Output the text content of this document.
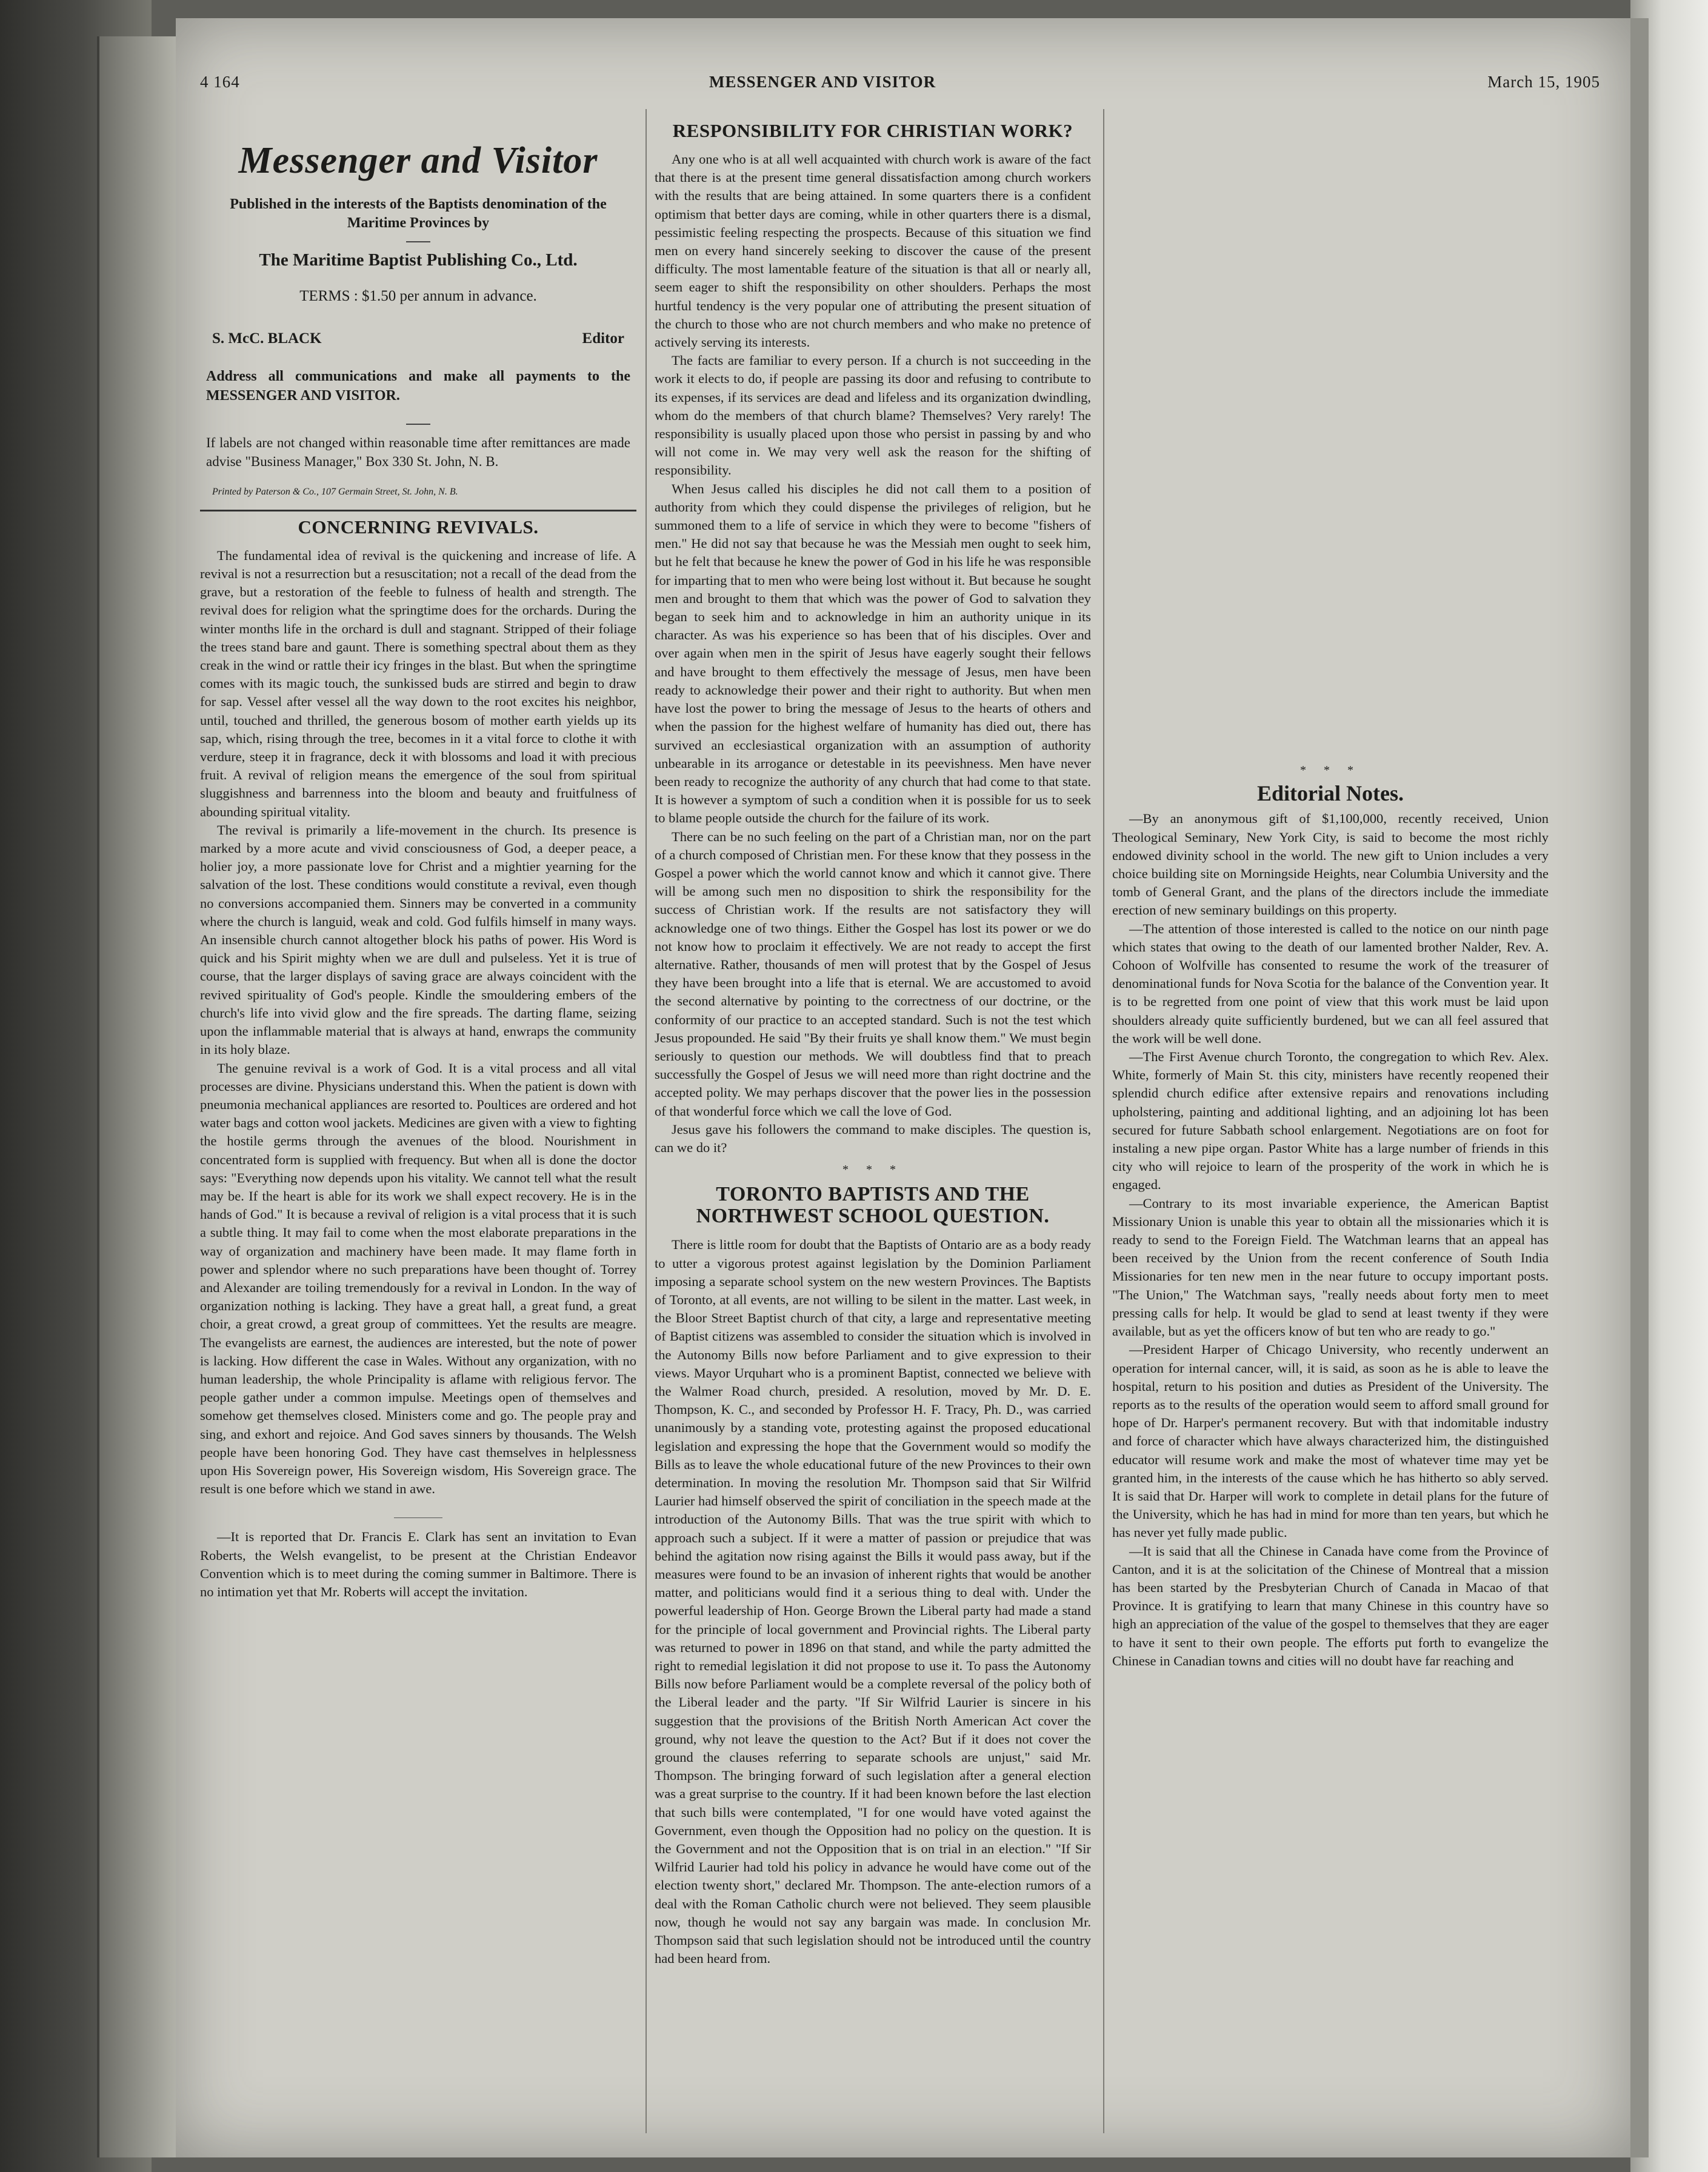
4 164	MESSENGER AND VISITOR	March 15, 1905
Messenger and Visitor
Published in the interests of the Baptists denomination of the Maritime Provinces by
The Maritime Baptist Publishing Co., Ltd.
TERMS : $1.50 per annum in advance.
S. McC. BLACK	Editor
Address all communications and make all payments to the MESSENGER AND VISITOR.
If labels are not changed within reasonable time after remittances are made advise "Business Manager," Box 330 St. John, N. B.
Printed by Paterson & Co., 107 Germain Street, St. John, N. B.
CONCERNING REVIVALS.

The fundamental idea of revival is the quickening and increase of life. A revival is not a resurrection but a resuscitation; not a recall of the dead from the grave, but a restoration of the feeble to fulness of health and strength. The revival does for religion what the springtime does for the orchards. During the winter months life in the orchard is dull and stagnant. Stripped of their foliage the trees stand bare and gaunt. There is something spectral about them as they creak in the wind or rattle their icy fringes in the blast. But when the springtime comes with its magic touch, the sunkissed buds are stirred and begin to draw for sap. Vessel after vessel all the way down to the root excites his neighbor, until, touched and thrilled, the generous bosom of mother earth yields up its sap, which, rising through the tree, becomes in it a vital force to clothe it with verdure, steep it in fragrance, deck it with blossoms and load it with precious fruit. A revival of religion means the emergence of the soul from spiritual sluggishness and barrenness into the bloom and beauty and fruitfulness of abounding spiritual vitality.

The revival is primarily a life-movement in the church. Its presence is marked by a more acute and vivid consciousness of God, a deeper peace, a holier joy, a more passionate love for Christ and a mightier yearning for the salvation of the lost. These conditions would constitute a revival, even though no conversions accompanied them. Sinners may be converted in a community where the church is languid, weak and cold. God fulfils himself in many ways. An insensible church cannot altogether block his paths of power. His Word is quick and his Spirit mighty when we are dull and pulseless. Yet it is true of course, that the larger displays of saving grace are always coincident with the revived spirituality of God's people. Kindle the smouldering embers of the church's life into vivid glow and the fire spreads. The darting flame, seizing upon the inflammable material that is always at hand, enwraps the community in its holy blaze.

The genuine revival is a work of God. It is a vital process and all vital processes are divine. Physicians understand this. When the patient is down with pneumonia mechanical appliances are resorted to. Poultices are ordered and hot water bags and cotton wool jackets. Medicines are given with a view to fighting the hostile germs through the avenues of the blood. Nourishment in concentrated form is supplied with frequency. But when all is done the doctor says: "Everything now depends upon his vitality. We cannot tell what the result may be. If the heart is able for its work we shall expect recovery. He is in the hands of God." It is because a revival of religion is a vital process that it is such a subtle thing. It may fail to come when the most elaborate preparations in the way of organization and machinery have been made. It may flame forth in power and splendor where no such preparations have been thought of. Torrey and Alexander are toiling tremendously for a revival in London. In the way of organization nothing is lacking. They have a great hall, a great fund, a great choir, a great crowd, a great group of committees. Yet the results are meagre. The evangelists are earnest, the audiences are interested, but the note of power is lacking. How different the case in Wales. Without any organization, with no human leadership, the whole Principality is aflame with religious fervor. The people gather under a common impulse. Meetings open of themselves and somehow get themselves closed. Ministers come and go. The people pray and sing, and exhort and rejoice. And God saves sinners by thousands. The Welsh people have been honoring God. They have cast themselves in helplessness upon His Sovereign power, His Sovereign wisdom, His Sovereign grace. The result is one before which we stand in awe.

—It is reported that Dr. Francis E. Clark has sent an invitation to Evan Roberts, the Welsh evangelist, to be present at the Christian Endeavor Convention which is to meet during the coming summer in Baltimore. There is no intimation yet that Mr. Roberts will accept the invitation.

RESPONSIBILITY FOR CHRISTIAN WORK?

Any one who is at all well acquainted with church work is aware of the fact that there is at the present time general dissatisfaction among church workers with the results that are being attained. In some quarters there is a confident optimism that better days are coming, while in other quarters there is a dismal, pessimistic feeling respecting the prospects. Because of this situation we find men on every hand sincerely seeking to discover the cause of the present difficulty. The most lamentable feature of the situation is that all or nearly all, seem eager to shift the responsibility on other shoulders. Perhaps the most hurtful tendency is the very popular one of attributing the present situation of the church to those who are not church members and who make no pretence of actively serving its interests.

The facts are familiar to every person. If a church is not succeeding in the work it elects to do, if people are passing its door and refusing to contribute to its expenses, if its services are dead and lifeless and its organization dwindling, whom do the members of that church blame? Themselves? Very rarely! The responsibility is usually placed upon those who persist in passing by and who will not come in. We may very well ask the reason for the shifting of responsibility.

When Jesus called his disciples he did not call them to a position of authority from which they could dispense the privileges of religion, but he summoned them to a life of service in which they were to become "fishers of men." He did not say that because he was the Messiah men ought to seek him, but he felt that because he knew the power of God in his life he was responsible for imparting that to men who were being lost without it. But because he sought men and brought to them that which was the power of God to salvation they began to seek him and to acknowledge in him an authority unique in its character. As was his experience so has been that of his disciples. Over and over again when men in the spirit of Jesus have eagerly sought their fellows and have brought to them effectively the message of Jesus, men have been ready to acknowledge their power and their right to authority. But when men have lost the power to bring the message of Jesus to the hearts of others and when the passion for the highest welfare of humanity has died out, there has survived an ecclesiastical organization with an assumption of authority unbearable in its arrogance or detestable in its peevishness. Men have never been ready to recognize the authority of any church that had come to that state. It is however a symptom of such a condition when it is possible for us to seek to blame people outside the church for the failure of its work.

There can be no such feeling on the part of a Christian man, nor on the part of a church composed of Christian men. For these know that they possess in the Gospel a power which the world cannot know and which it cannot give. There will be among such men no disposition to shirk the responsibility for the success of Christian work. If the results are not satisfactory they will acknowledge one of two things. Either the Gospel has lost its power or we do not know how to proclaim it effectively. We are not ready to accept the first alternative. Rather, thousands of men will protest that by the Gospel of Jesus they have been brought into a life that is eternal. We are accustomed to avoid the second alternative by pointing to the correctness of our doctrine, or the conformity of our practice to an accepted standard. Such is not the test which Jesus propounded. He said "By their fruits ye shall know them." We must begin seriously to question our methods. We will doubtless find that to preach successfully the Gospel of Jesus we will need more than right doctrine and the accepted polity. We may perhaps discover that the power lies in the possession of that wonderful force which we call the love of God.

Jesus gave his followers the command to make disciples. The question is, can we do it?

* * *
TORONTO BAPTISTS AND THE NORTHWEST SCHOOL QUESTION.

There is little room for doubt that the Baptists of Ontario are as a body ready to utter a vigorous protest against legislation by the Dominion Parliament imposing a separate school system on the new western Provinces. The Baptists of Toronto, at all events, are not willing to be silent in the matter. Last week, in the Bloor Street Baptist church of that city, a large and representative meeting of Baptist citizens was assembled to consider the situation which is involved in the Autonomy Bills now before Parliament and to give expression to their views. Mayor Urquhart who is a prominent Baptist, connected we believe with the Walmer Road church, presided. A resolution, moved by Mr. D. E. Thompson, K. C., and seconded by Professor H. F. Tracy, Ph. D., was carried unanimously by a standing vote, protesting against the proposed educational legislation and expressing the hope that the Government would so modify the Bills as to leave the whole educational future of the new Provinces to their own determination. In moving the resolution Mr. Thompson said that Sir Wilfrid Laurier had himself observed the spirit of conciliation in the speech made at the introduction of the Autonomy Bills. That was the true spirit with which to approach such a subject. If it were a matter of passion or prejudice that was behind the agitation now rising against the Bills it would pass away, but if the measures were found to be an invasion of inherent rights that would be another matter, and politicians would find it a serious thing to deal with. Under the powerful leadership of Hon. George Brown the Liberal party had made a stand for the principle of local government and Provincial rights. The Liberal party was returned to power in 1896 on that stand, and while the party admitted the right to remedial legislation it did not propose to use it. To pass the Autonomy Bills now before Parliament would be a complete reversal of the policy both of the Liberal leader and the party. "If Sir Wilfrid Laurier is sincere in his suggestion that the provisions of the British North American Act cover the ground, why not leave the question to the Act? But if it does not cover the ground the clauses referring to separate schools are unjust," said Mr. Thompson. The bringing forward of such legislation after a general election was a great surprise to the country. If it had been known before the last election that such bills were contemplated, "I for one would have voted against the Government, even though the Opposition had no policy on the question. It is the Government and not the Opposition that is on trial in an election." "If Sir Wilfrid Laurier had told his policy in advance he would have come out of the election twenty short," declared Mr. Thompson. The ante-election rumors of a deal with the Roman Catholic church were not believed. They seem plausible now, though he would not say any bargain was made. In conclusion Mr. Thompson said that such legislation should not be introduced until the country had been heard from.

* * *
Editorial Notes.

—By an anonymous gift of $1,100,000, recently received, Union Theological Seminary, New York City, is said to become the most richly endowed divinity school in the world. The new gift to Union includes a very choice building site on Morningside Heights, near Columbia University and the tomb of General Grant, and the plans of the directors include the immediate erection of new seminary buildings on this property.

—The attention of those interested is called to the notice on our ninth page which states that owing to the death of our lamented brother Nalder, Rev. A. Cohoon of Wolfville has consented to resume the work of the treasurer of denominational funds for Nova Scotia for the balance of the Convention year. It is to be regretted from one point of view that this work must be laid upon shoulders already quite sufficiently burdened, but we can all feel assured that the work will be well done.

—The First Avenue church Toronto, the congregation to which Rev. Alex. White, formerly of Main St. this city, ministers have recently reopened their splendid church edifice after extensive repairs and renovations including upholstering, painting and additional lighting, and an adjoining lot has been secured for future Sabbath school enlargement. Negotiations are on foot for instaling a new pipe organ. Pastor White has a large number of friends in this city who will rejoice to learn of the prosperity of the work in which he is engaged.

—Contrary to its most invariable experience, the American Baptist Missionary Union is unable this year to obtain all the missionaries which it is ready to send to the Foreign Field. The Watchman learns that an appeal has been received by the Union from the recent conference of South India Missionaries for ten new men in the near future to occupy important posts. "The Union," The Watchman says, "really needs about forty men to meet pressing calls for help. It would be glad to send at least twenty if they were available, but as yet the officers know of but ten who are ready to go."

—President Harper of Chicago University, who recently underwent an operation for internal cancer, will, it is said, as soon as he is able to leave the hospital, return to his position and duties as President of the University. The reports as to the results of the operation would seem to afford small ground for hope of Dr. Harper's permanent recovery. But with that indomitable industry and force of character which have always characterized him, the distinguished educator will resume work and make the most of whatever time may yet be granted him, in the interests of the cause which he has hitherto so ably served. It is said that Dr. Harper will work to complete in detail plans for the future of the University, which he has had in mind for more than ten years, but which he has never yet fully made public.

—It is said that all the Chinese in Canada have come from the Province of Canton, and it is at the solicitation of the Chinese of Montreal that a mission has been started by the Presbyterian Church of Canada in Macao of that Province. It is gratifying to learn that many Chinese in this country have so high an appreciation of the value of the gospel to themselves that they are eager to have it sent to their own people. The efforts put forth to evangelize the Chinese in Canadian towns and cities will no doubt have far reaching and
